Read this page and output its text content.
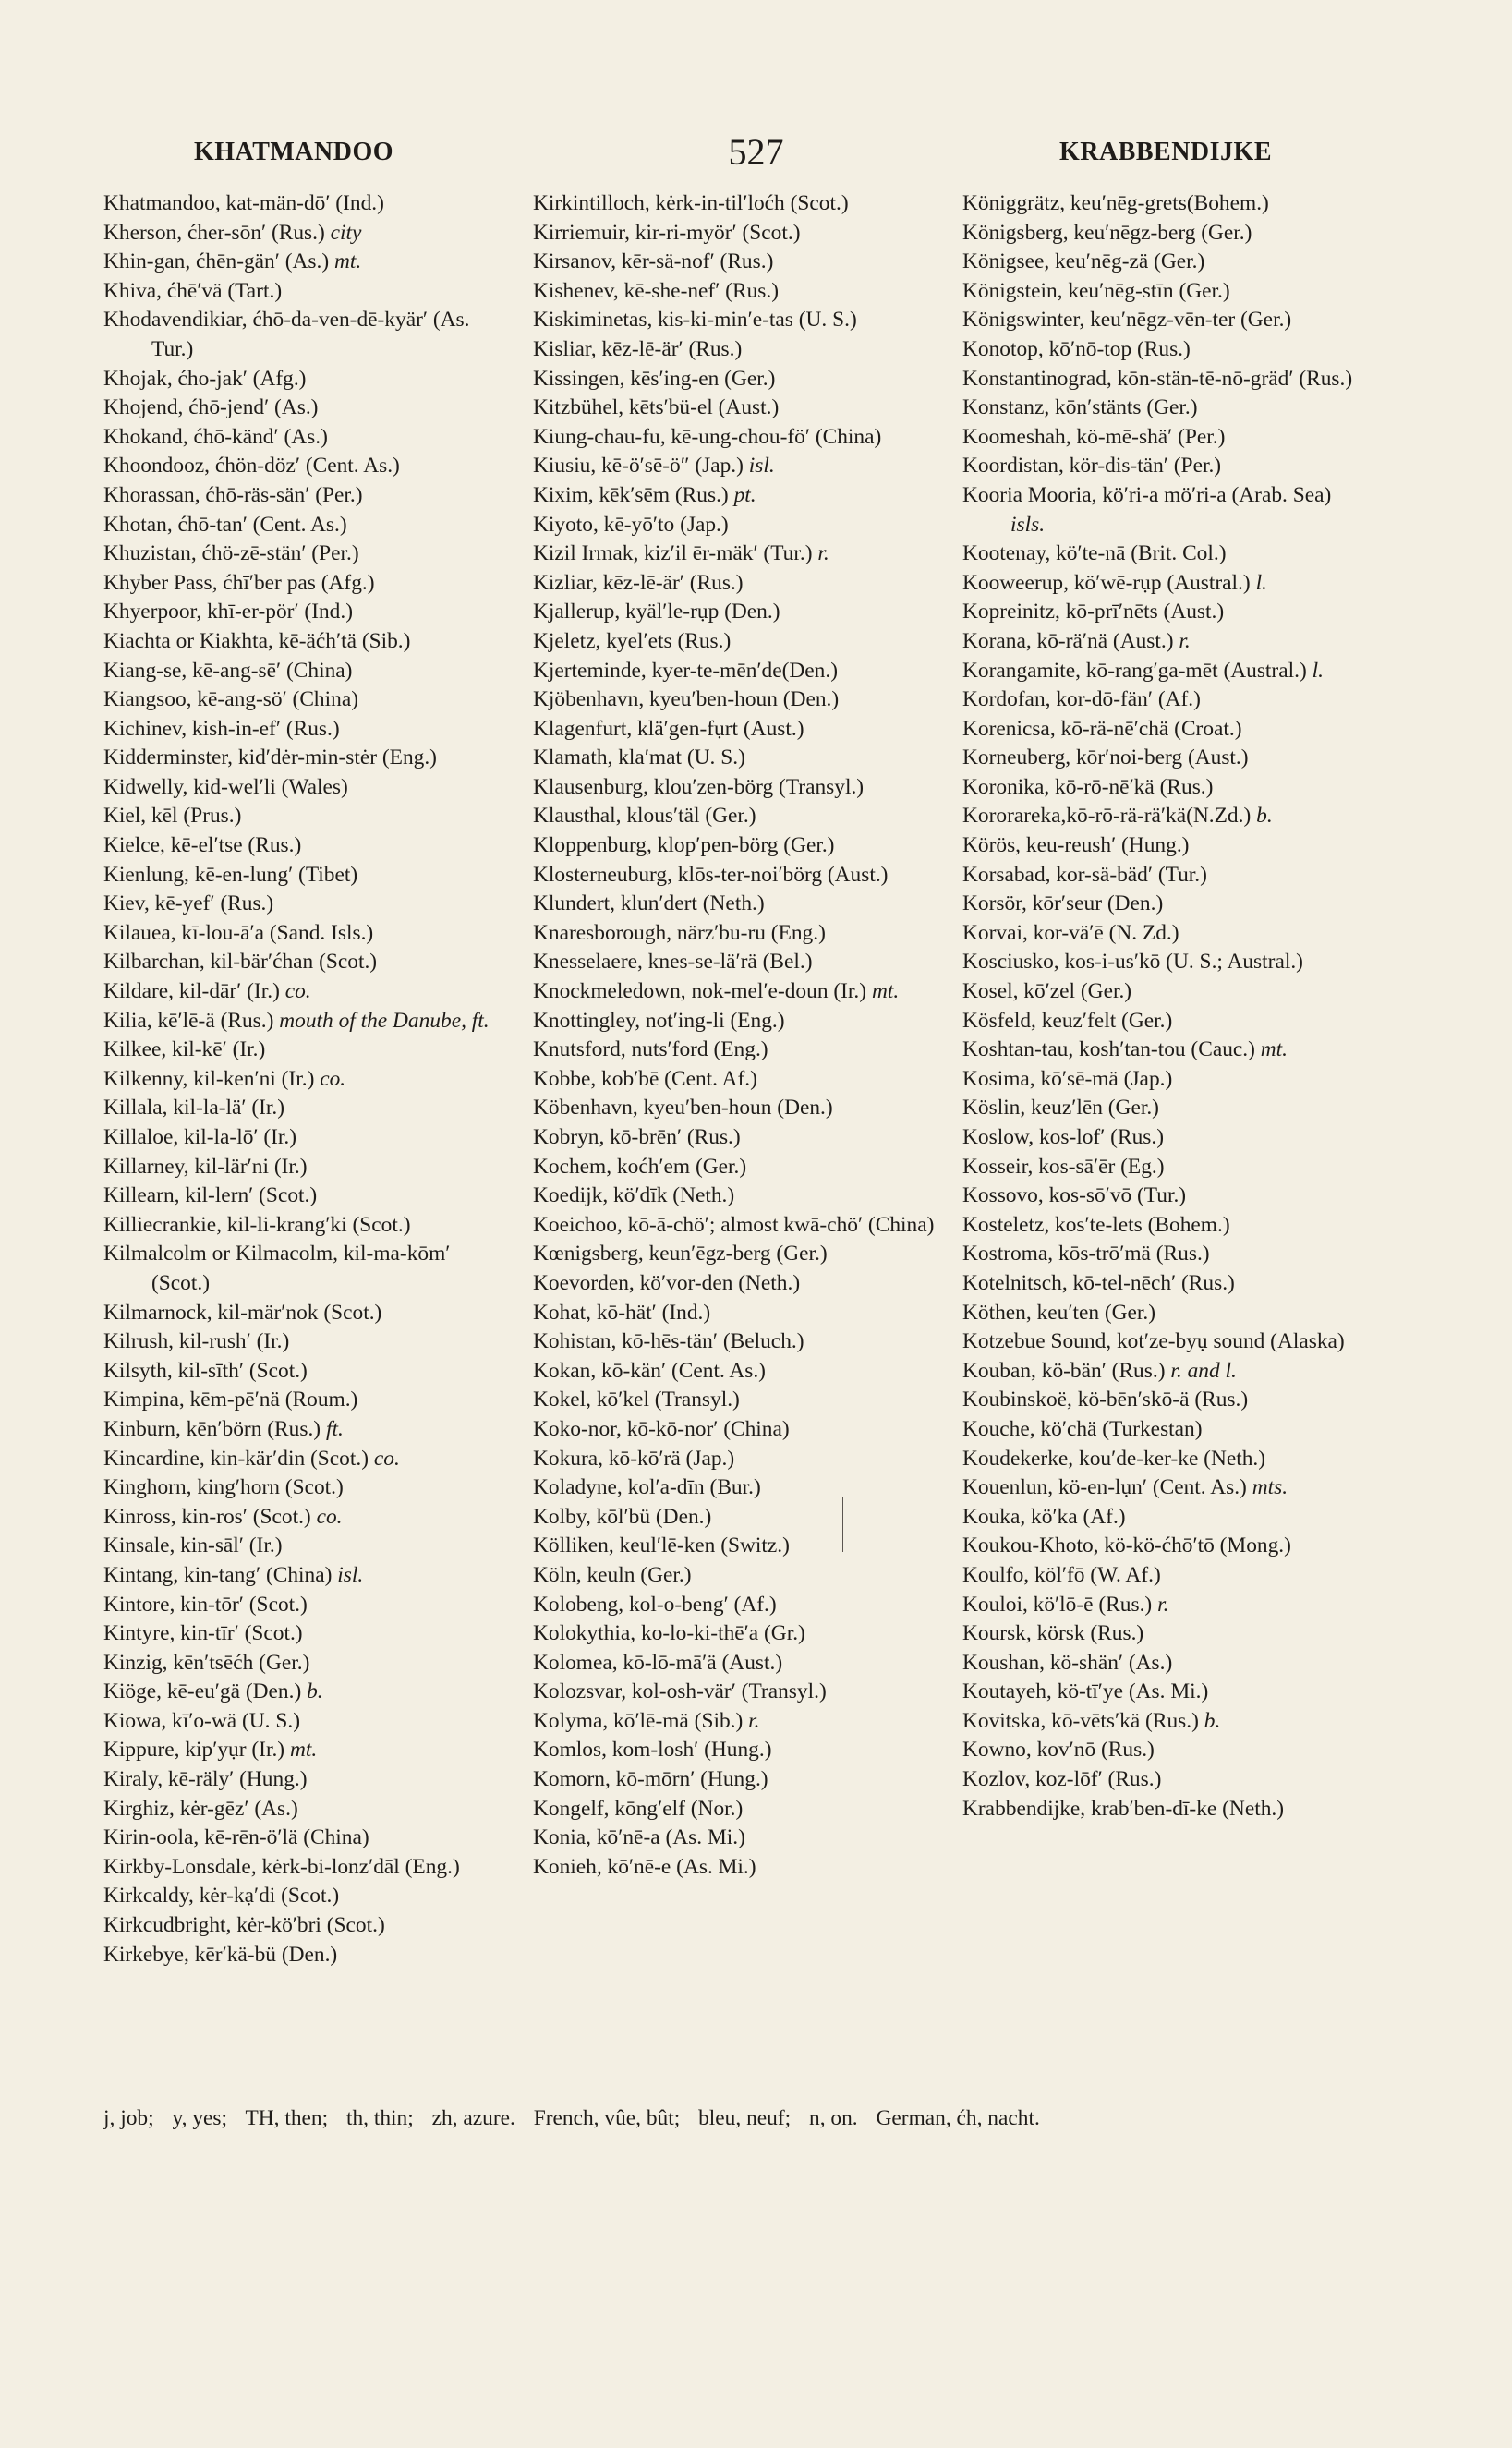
527
KHATMANDOO	KRABBENDIJKE
Khatmandoo, kat-män-dō′ (Ind.)
Kherson, ćher-sōn′ (Rus.) city
Khin-gan, ćhēn-gän′ (As.) mt.
Khiva, ćhē′vä (Tart.)
Khodavendikiar, ćhō-da-ven-dē-kyär′ (As. Tur.)
Khojak, ćho-jak′ (Afg.)
Khojend, ćhō-jend′ (As.)
Khokand, ćhō-känd′ (As.)
Khoondooz, ćhön-döz′ (Cent. As.)
Khorassan, ćhō-räs-sän′ (Per.)
Khotan, ćhō-tan′ (Cent. As.)
Khuzistan, ćhö-zē-stän′ (Per.)
Khyber Pass, ćhī′ber pas (Afg.)
Khyerpoor, khī-er-pör′ (Ind.)
Kiachta or Kiakhta, kē-äćh′tä (Sib.)
Kiang-se, kē-ang-sē′ (China)
Kiangsoo, kē-ang-sö′ (China)
Kichinev, kish-in-ef′ (Rus.)
Kidderminster, kid′dėr-min-stėr (Eng.)
Kidwelly, kid-wel′li (Wales)
Kiel, kēl (Prus.)
Kielce, kē-el′tse (Rus.)
Kienlung, kē-en-lung′ (Tibet)
Kiev, kē-yef′ (Rus.)
Kilauea, kī-lou-ā′a (Sand. Isls.)
Kilbarchan, kil-bär′ćhan (Scot.)
Kildare, kil-dār′ (Ir.) co.
Kilia, kē′lē-ä (Rus.) mouth of the Danube, ft.
Kilkee, kil-kē′ (Ir.)
Kilkenny, kil-ken′ni (Ir.) co.
Killala, kil-la-lä′ (Ir.)
Killaloe, kil-la-lō′ (Ir.)
Killarney, kil-lär′ni (Ir.)
Killearn, kil-lern′ (Scot.)
Killiecrankie, kil-li-krang′ki (Scot.)
Kilmalcolm or Kilmacolm, kil-ma-kōm′ (Scot.)
Kilmarnock, kil-mär′nok (Scot.)
Kilrush, kil-rush′ (Ir.)
Kilsyth, kil-sīth′ (Scot.)
Kimpina, kēm-pē′nä (Roum.)
Kinburn, kēn′börn (Rus.) ft.
Kincardine, kin-kär′din (Scot.) co.
Kinghorn, king′horn (Scot.)
Kinross, kin-ros′ (Scot.) co.
Kinsale, kin-sāl′ (Ir.)
Kintang, kin-tang′ (China) isl.
Kintore, kin-tōr′ (Scot.)
Kintyre, kin-tīr′ (Scot.)
Kinzig, kēn′tsēćh (Ger.)
Kiöge, kē-eu′gä (Den.) b.
Kiowa, kī′o-wä (U. S.)
Kippure, kip′yụr (Ir.) mt.
Kiraly, kē-räly′ (Hung.)
Kirghiz, kėr-gēz′ (As.)
Kirin-oola, kē-rēn-ö′lä (China)
Kirkby-Lonsdale, kėrk-bi-lonz′dāl (Eng.)
Kirkcaldy, kėr-kạ′di (Scot.)
Kirkcudbright, kėr-kö′bri (Scot.)
Kirkebye, kēr′kä-bü (Den.)
Kirkintilloch, kėrk-in-til′loćh (Scot.)
Kirriemuir, kir-ri-myör′ (Scot.)
Kirsanov, kēr-sä-nof′ (Rus.)
Kishenev, kē-she-nef′ (Rus.)
Kiskiminetas, kis-ki-min′e-tas (U. S.)
Kisliar, kēz-lē-är′ (Rus.)
Kissingen, kēs′ing-en (Ger.)
Kitzbühel, kēts′bü-el (Aust.)
Kiung-chau-fu, kē-ung-chou-fö′ (China)
Kiusiu, kē-ö′sē-ö″ (Jap.) isl.
Kixim, kēk′sēm (Rus.) pt.
Kiyoto, kē-yō′to (Jap.)
Kizil Irmak, kiz′il ēr-mäk′ (Tur.) r.
Kizliar, kēz-lē-är′ (Rus.)
Kjallerup, kyäl′le-rụp (Den.)
Kjeletz, kyel′ets (Rus.)
Kjerteminde, kyer-te-mēn′de(Den.)
Kjöbenhavn, kyeu′ben-houn (Den.)
Klagenfurt, klä′gen-fụrt (Aust.)
Klamath, kla′mat (U. S.)
Klausenburg, klou′zen-börg (Transyl.)
Klausthal, klous′täl (Ger.)
Kloppenburg, klop′pen-börg (Ger.)
Klosterneuburg, klōs-ter-noi′börg (Aust.)
Klundert, klun′dert (Neth.)
Knaresborough, närz′bu-ru (Eng.)
Knesselaere, knes-se-lä′rä (Bel.)
Knockmeledown, nok-mel′e-doun (Ir.) mt.
Knottingley, not′ing-li (Eng.)
Knutsford, nuts′ford (Eng.)
Kobbe, kob′bē (Cent. Af.)
Köbenhavn, kyeu′ben-houn (Den.)
Kobryn, kō-brēn′ (Rus.)
Kochem, koćh′em (Ger.)
Koedijk, kö′dīk (Neth.)
Koeichoo, kō-ā-chö′; almost kwā-chö′ (China)
Kœnigsberg, keun′ēgz-berg (Ger.)
Koevorden, kö′vor-den (Neth.)
Kohat, kō-hät′ (Ind.)
Kohistan, kō-hēs-tän′ (Beluch.)
Kokan, kō-kän′ (Cent. As.)
Kokel, kō′kel (Transyl.)
Koko-nor, kō-kō-nor′ (China)
Kokura, kō-kō′rä (Jap.)
Koladyne, kol′a-dīn (Bur.)
Kolby, kōl′bü (Den.)
Kölliken, keul′lē-ken (Switz.)
Köln, keuln (Ger.)
Kolobeng, kol-o-beng′ (Af.)
Kolokythia, ko-lo-ki-thē′a (Gr.)
Kolomea, kō-lō-mā′ä (Aust.)
Kolozsvar, kol-osh-vär′ (Transyl.)
Kolyma, kō′lē-mä (Sib.) r.
Komlos, kom-losh′ (Hung.)
Komorn, kō-mōrn′ (Hung.)
Kongelf, kōng′elf (Nor.)
Konia, kō′nē-a (As. Mi.)
Konieh, kō′nē-e (As. Mi.)
Königgrätz, keu′nēg-grets(Bohem.)
Königsberg, keu′nēgz-berg (Ger.)
Königsee, keu′nēg-zä (Ger.)
Königstein, keu′nēg-stīn (Ger.)
Königswinter, keu′nēgz-vēn-ter (Ger.)
Konotop, kō′nō-top (Rus.)
Konstantinograd, kōn-stän-tē-nō-gräd′ (Rus.)
Konstanz, kōn′stänts (Ger.)
Koomeshah, kö-mē-shä′ (Per.)
Koordistan, kör-dis-tän′ (Per.)
Kooria Mooria, kö′ri-a mö′ri-a (Arab. Sea) isls.
Kootenay, kö′te-nā (Brit. Col.)
Kooweerup, kö′wē-rụp (Austral.) l.
Kopreinitz, kō-prī′nēts (Aust.)
Korana, kō-rä′nä (Aust.) r.
Korangamite, kō-rang′ga-mēt (Austral.) l.
Kordofan, kor-dō-fän′ (Af.)
Korenicsa, kō-rä-nē′chä (Croat.)
Korneuberg, kōr′noi-berg (Aust.)
Koronika, kō-rō-nē′kä (Rus.)
Kororareka,kō-rō-rä-rä′kä(N.Zd.) b.
Körös, keu-reush′ (Hung.)
Korsabad, kor-sä-bäd′ (Tur.)
Korsör, kōr′seur (Den.)
Korvai, kor-vä′ē (N. Zd.)
Kosciusko, kos-i-us′kō (U. S.; Austral.)
Kosel, kō′zel (Ger.)
Kösfeld, keuz′felt (Ger.)
Koshtan-tau, kosh′tan-tou (Cauc.) mt.
Kosima, kō′sē-mä (Jap.)
Köslin, keuz′lēn (Ger.)
Koslow, kos-lof′ (Rus.)
Kosseir, kos-sā′ēr (Eg.)
Kossovo, kos-sō′vō (Tur.)
Kosteletz, kos′te-lets (Bohem.)
Kostroma, kōs-trō′mä (Rus.)
Kotelnitsch, kō-tel-nēch′ (Rus.)
Köthen, keu′ten (Ger.)
Kotzebue Sound, kot′ze-byụ sound (Alaska)
Kouban, kö-bän′ (Rus.) r. and l.
Koubinskoë, kö-bēn′skō-ä (Rus.)
Kouche, kö′chä (Turkestan)
Koudekerke, kou′de-ker-ke (Neth.)
Kouenlun, kö-en-lụn′ (Cent. As.) mts.
Kouka, kö′ka (Af.)
Koukou-Khoto, kö-kö-ćhō′tō (Mong.)
Koulfo, köl′fō (W. Af.)
Kouloi, kö′lō-ē (Rus.) r.
Koursk, körsk (Rus.)
Koushan, kö-shän′ (As.)
Koutayeh, kö-tī′ye (As. Mi.)
Kovitska, kō-vēts′kä (Rus.) b.
Kowno, kov′nō (Rus.)
Kozlov, koz-lōf′ (Rus.)
Krabbendijke, krab′ben-dī-ke (Neth.)
j, job; y, yes; TH, then; th, thin; zh, azure. French, vûe, bût; bleu, neuf; n, on. German, ćh, nacht.
